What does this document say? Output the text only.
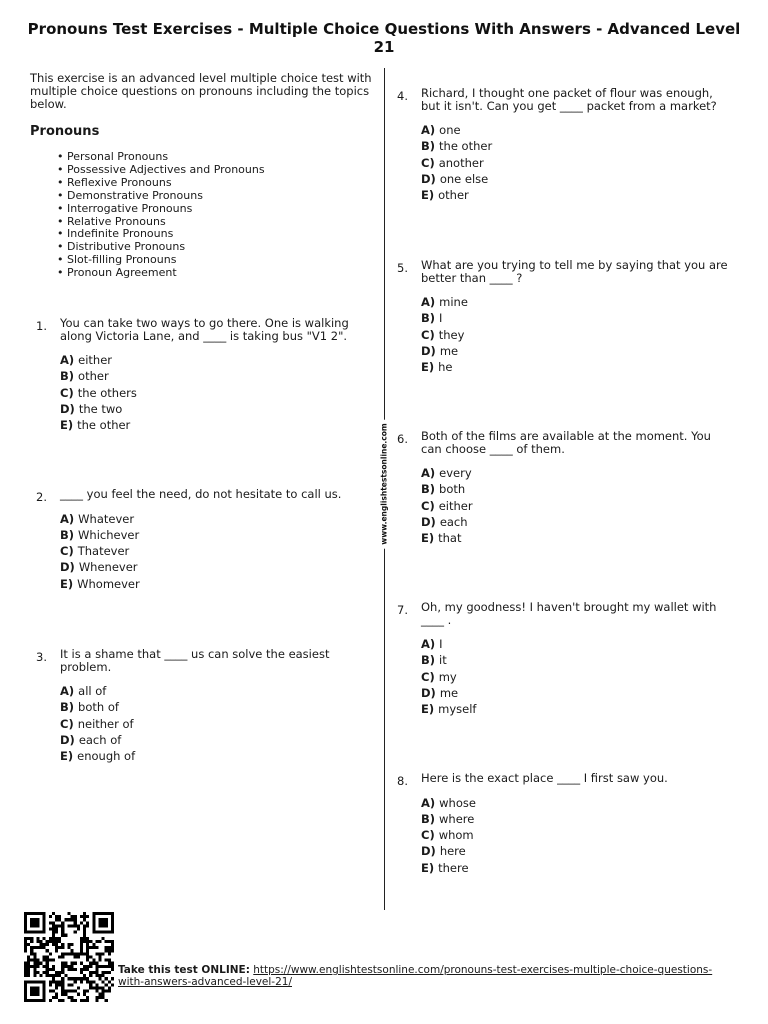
Pronouns Test Exercises - Multiple Choice Questions With Answers - Advanced Level 21

This exercise is an advanced level multiple choice test with multiple choice questions on pronouns including the topics below.

Pronouns
• Personal Pronouns
• Possessive Adjectives and Pronouns
• Reflexive Pronouns
• Demonstrative Pronouns
• Interrogative Pronouns
• Relative Pronouns
• Indefinite Pronouns
• Distributive Pronouns
• Slot-filling Pronouns
• Pronoun Agreement
www.englishtestsonline.com
1. You can take two ways to go there. One is walking along Victoria Lane, and ____ is taking bus "V1 2".
A) either
B) other
C) the others
D) the two
E) the other
2. ____ you feel the need, do not hesitate to call us.
A) Whatever
B) Whichever
C) Thatever
D) Whenever
E) Whomever
3. It is a shame that ____ us can solve the easiest problem.
A) all of
B) both of
C) neither of
D) each of
E) enough of
4. Richard, I thought one packet of flour was enough, but it isn't. Can you get ____ packet from a market?
A) one
B) the other
C) another
D) one else
E) other
5. What are you trying to tell me by saying that you are better than ____ ?
A) mine
B) I
C) they
D) me
E) he
6. Both of the films are available at the moment. You can choose ____ of them.
A) every
B) both
C) either
D) each
E) that
7. Oh, my goodness! I haven't brought my wallet with ____ .
A) I
B) it
C) my
D) me
E) myself
8. Here is the exact place ____ I first saw you.
A) whose
B) where
C) whom
D) here
E) there
Take this test ONLINE: https://www.englishtestsonline.com/pronouns-test-exercises-multiple-choice-questions-with-answers-advanced-level-21/
